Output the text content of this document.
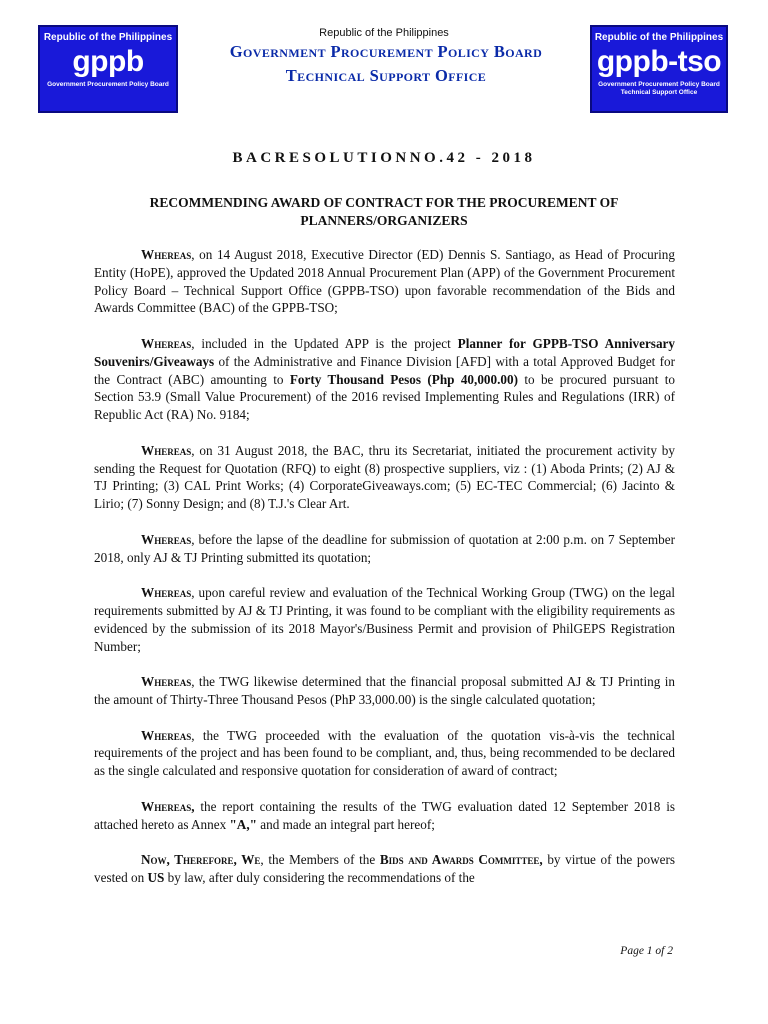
Republic of the Philippines
gppb
Government Procurement Policy Board
Republic of the Philippines
gppb-tso
Government Procurement Policy Board Technical Support Office
Republic of the Philippines
Government Procurement Policy Board
Technical Support Office
BACRESOLUTIONNO.42 - 2018
RECOMMENDING AWARD OF CONTRACT FOR THE PROCUREMENT OF PLANNERS/ORGANIZERS

Whereas, on 14 August 2018, Executive Director (ED) Dennis S. Santiago, as Head of Procuring Entity (HoPE), approved the Updated 2018 Annual Procurement Plan (APP) of the Government Procurement Policy Board – Technical Support Office (GPPB-TSO) upon favorable recommendation of the Bids and Awards Committee (BAC) of the GPPB-TSO;

Whereas, included in the Updated APP is the project Planner for GPPB-TSO Anniversary Souvenirs/Giveaways of the Administrative and Finance Division [AFD] with a total Approved Budget for the Contract (ABC) amounting to Forty Thousand Pesos (Php 40,000.00) to be procured pursuant to Section 53.9 (Small Value Procurement) of the 2016 revised Implementing Rules and Regulations (IRR) of Republic Act (RA) No. 9184;

Whereas, on 31 August 2018, the BAC, thru its Secretariat, initiated the procurement activity by sending the Request for Quotation (RFQ) to eight (8) prospective suppliers, viz : (1) Aboda Prints; (2) AJ & TJ Printing; (3) CAL Print Works; (4) CorporateGiveaways.com; (5) EC-TEC Commercial; (6) Jacinto & Lirio; (7) Sonny Design; and (8) T.J.'s Clear Art.

Whereas, before the lapse of the deadline for submission of quotation at 2:00 p.m. on 7 September 2018, only AJ & TJ Printing submitted its quotation;

Whereas, upon careful review and evaluation of the Technical Working Group (TWG) on the legal requirements submitted by AJ & TJ Printing, it was found to be compliant with the eligibility requirements as evidenced by the submission of its 2018 Mayor's/Business Permit and provision of PhilGEPS Registration Number;

Whereas, the TWG likewise determined that the financial proposal submitted AJ & TJ Printing in the amount of Thirty-Three Thousand Pesos (PhP 33,000.00) is the single calculated quotation;

Whereas, the TWG proceeded with the evaluation of the quotation vis-à-vis the technical requirements of the project and has been found to be compliant, and, thus, being recommended to be declared as the single calculated and responsive quotation for consideration of award of contract;

Whereas, the report containing the results of the TWG evaluation dated 12 September 2018 is attached hereto as Annex "A," and made an integral part hereof;

Now, Therefore, We, the Members of the Bids and Awards Committee, by virtue of the powers vested on US by law, after duly considering the recommendations of the

Page 1 of 2
